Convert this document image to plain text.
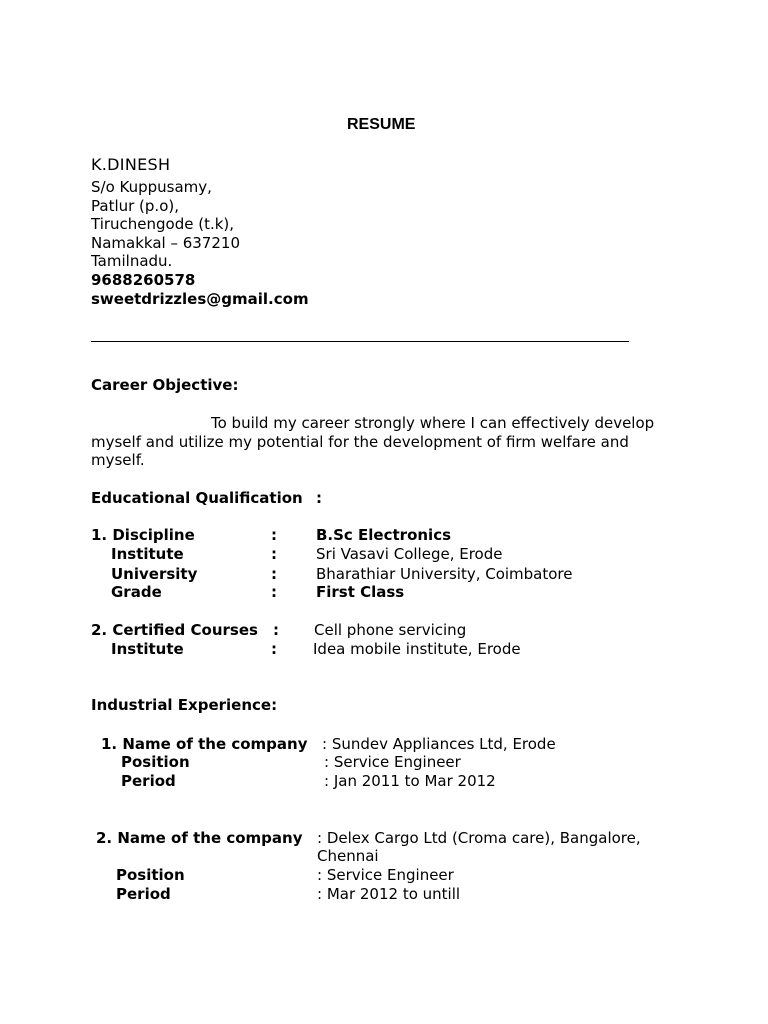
RESUME
K.DINESH
S/o Kuppusamy,
Patlur (p.o),
Tiruchengode (t.k),
Namakkal – 637210
Tamilnadu.
9688260578
sweetdrizzles@gmail.com
Career Objective:
To build my career strongly where I can effectively develop
myself and utilize my potential for the development of firm welfare and
myself.
Educational Qualification :
1. Discipline	:	B.Sc Electronics
Institute	:	Sri Vasavi College, Erode
University	:	Bharathiar University, Coimbatore
Grade	:	First Class
2. Certified Courses : Cell phone servicing
Institute	: Idea mobile institute, Erode
Industrial Experience:
1. Name of the company : Sundev Appliances Ltd, Erode
Position	: Service Engineer
Period	: Jan 2011 to Mar 2012
2. Name of the company : Delex Cargo Ltd (Croma care), Bangalore,
Chennai
Position	: Service Engineer
Period	: Mar 2012 to untill
